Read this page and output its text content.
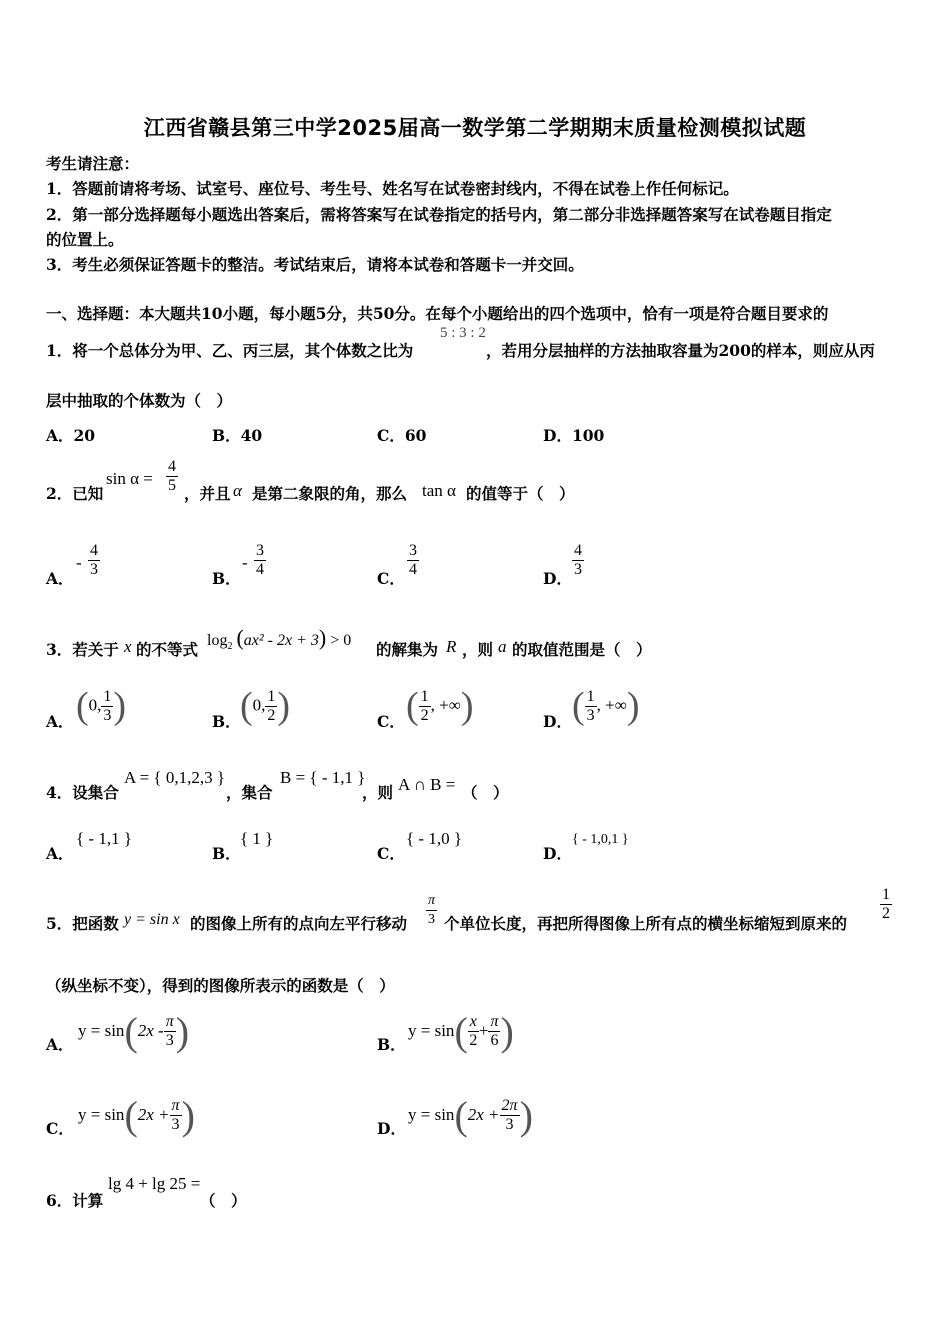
江西省赣县第三中学2025届高一数学第二学期期末质量检测模拟试题
考生请注意：
1．答题前请将考场、试室号、座位号、考生号、姓名写在试卷密封线内，不得在试卷上作任何标记。
2．第一部分选择题每小题选出答案后，需将答案写在试卷指定的括号内，第二部分非选择题答案写在试卷题目指定
的位置上。
3．考生必须保证答题卡的整洁。考试结束后，请将本试卷和答题卡一并交回。
一、选择题：本大题共10小题，每小题5分，共50分。在每个小题给出的四个选项中，恰有一项是符合题目要求的
1．将一个总体分为甲、乙、丙三层，其个体数之比为
5 : 3 : 2
，若用分层抽样的方法抽取容量为200的样本，则应从丙
层中抽取的个体数为（　）
A．20	B．40	C．60	D．100
2．已知
$\sin \alpha = \frac{4}{5}$ ，并且 α 是第二象限的角，那么 tan α 的值等于（　）
A．
- $\frac{4}{3}$	B．
- $\frac{3}{4}$	C． $\frac{3}{4}$	D． $\frac{4}{3}$
3．若关于 x 的不等式 $\log_2 (ax^2 - 2x + 3) > 0$ 的解集为 R ，则 a 的取值范围是（　）
A． (0, $\frac{1}{3}$ )	B． (0, $\frac{1}{2}$ )	C． ( $\frac{1}{2}$ , +∞)	D． ( $\frac{1}{3}$ , +∞)
4．设集合
A = { 0,1,2,3 }
，集合
B = { - 1,1 }
，则 A ∩ B = （　）
A．
{ - 1,1 }
B．
{ 1 }
C．
{ - 1,0 }
D．
{ - 1,0,1 }
5．把函数 y = sin x 的图像上所有的点向左平行移动 $\frac{\pi}{3}$ 个单位长度，再把所得图像上所有点的横坐标缩短到原来的
$\frac{1}{2}$
（纵坐标不变），得到的图像所表示的函数是（　）
A．
$y = \sin(2x - \frac{\pi}{3}$ )	B．
$y = \sin( \frac{x}{2} + \frac{\pi}{6}$ )
C．
$y = \sin(2x + \frac{\pi}{3}$ )	D．
$y = \sin(2x + \frac{2\pi}{3}$ )
6．计算
lg 4 + lg 25 =
（　）
